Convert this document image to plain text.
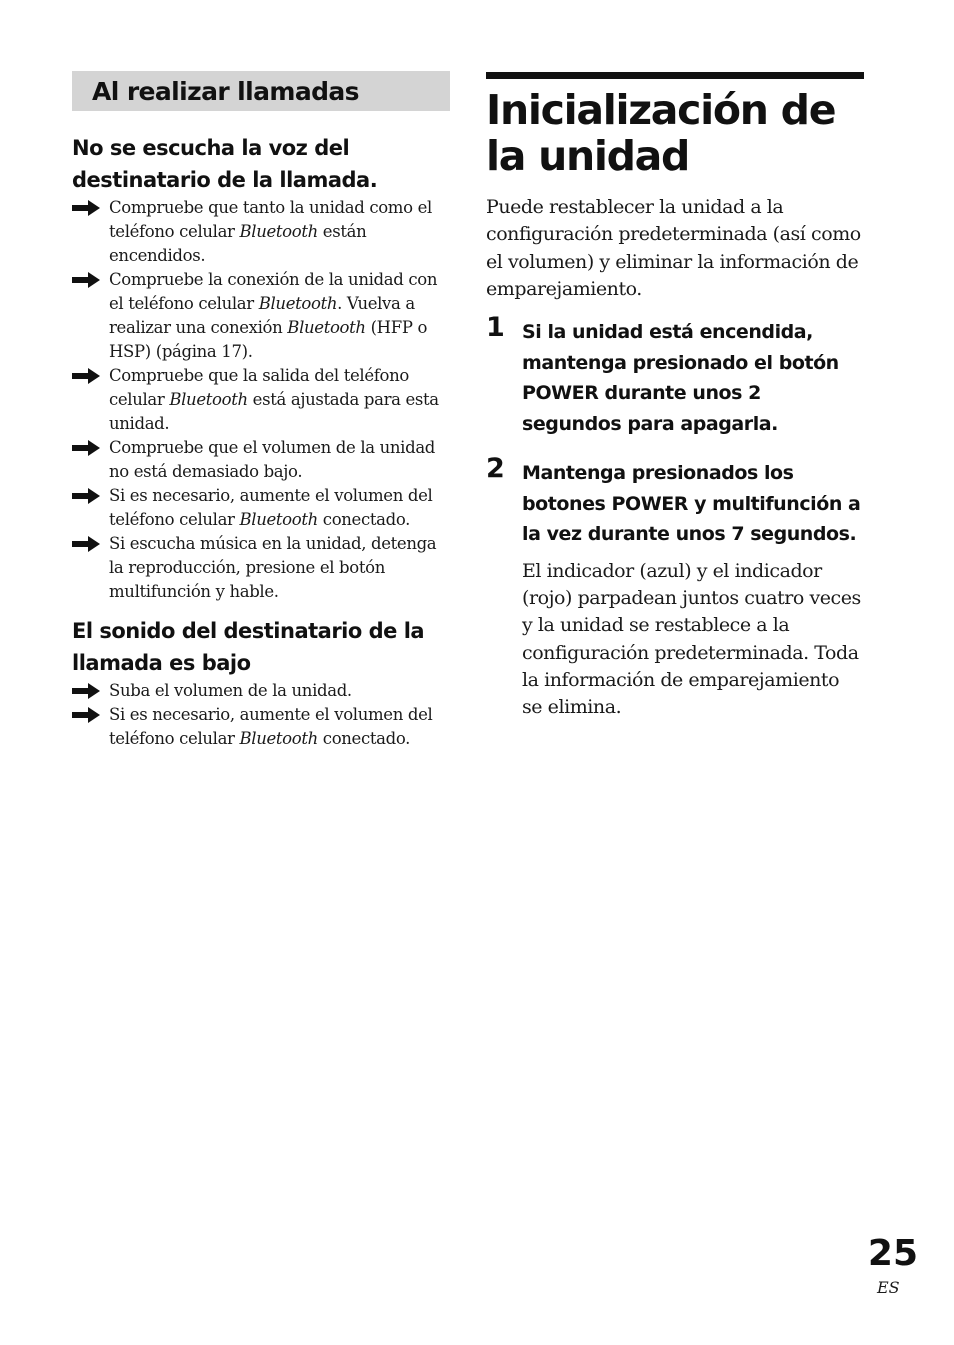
Al realizar llamadas
No se escucha la voz del destinatario de la llamada.
Compruebe que tanto la unidad como el teléfono celular Bluetooth están encendidos.
Compruebe la conexión de la unidad con el teléfono celular Bluetooth. Vuelva a realizar una conexión Bluetooth (HFP o HSP) (página 17).
Compruebe que la salida del teléfono celular Bluetooth está ajustada para esta unidad.
Compruebe que el volumen de la unidad no está demasiado bajo.
Si es necesario, aumente el volumen del teléfono celular Bluetooth conectado.
Si escucha música en la unidad, detenga la reproducción, presione el botón multifunción y hable.
El sonido del destinatario de la llamada es bajo
Suba el volumen de la unidad.
Si es necesario, aumente el volumen del teléfono celular Bluetooth conectado.
Inicialización de la unidad

Puede restablecer la unidad a la configuración predeterminada (así como el volumen) y eliminar la información de emparejamiento.

1 Si la unidad está encendida, mantenga presionado el botón POWER durante unos 2 segundos para apagarla.

2 Mantenga presionados los botones POWER y multifunción a la vez durante unos 7 segundos.

El indicador (azul) y el indicador (rojo) parpadean juntos cuatro veces y la unidad se restablece a la configuración predeterminada. Toda la información de emparejamiento se elimina.

25
ES
